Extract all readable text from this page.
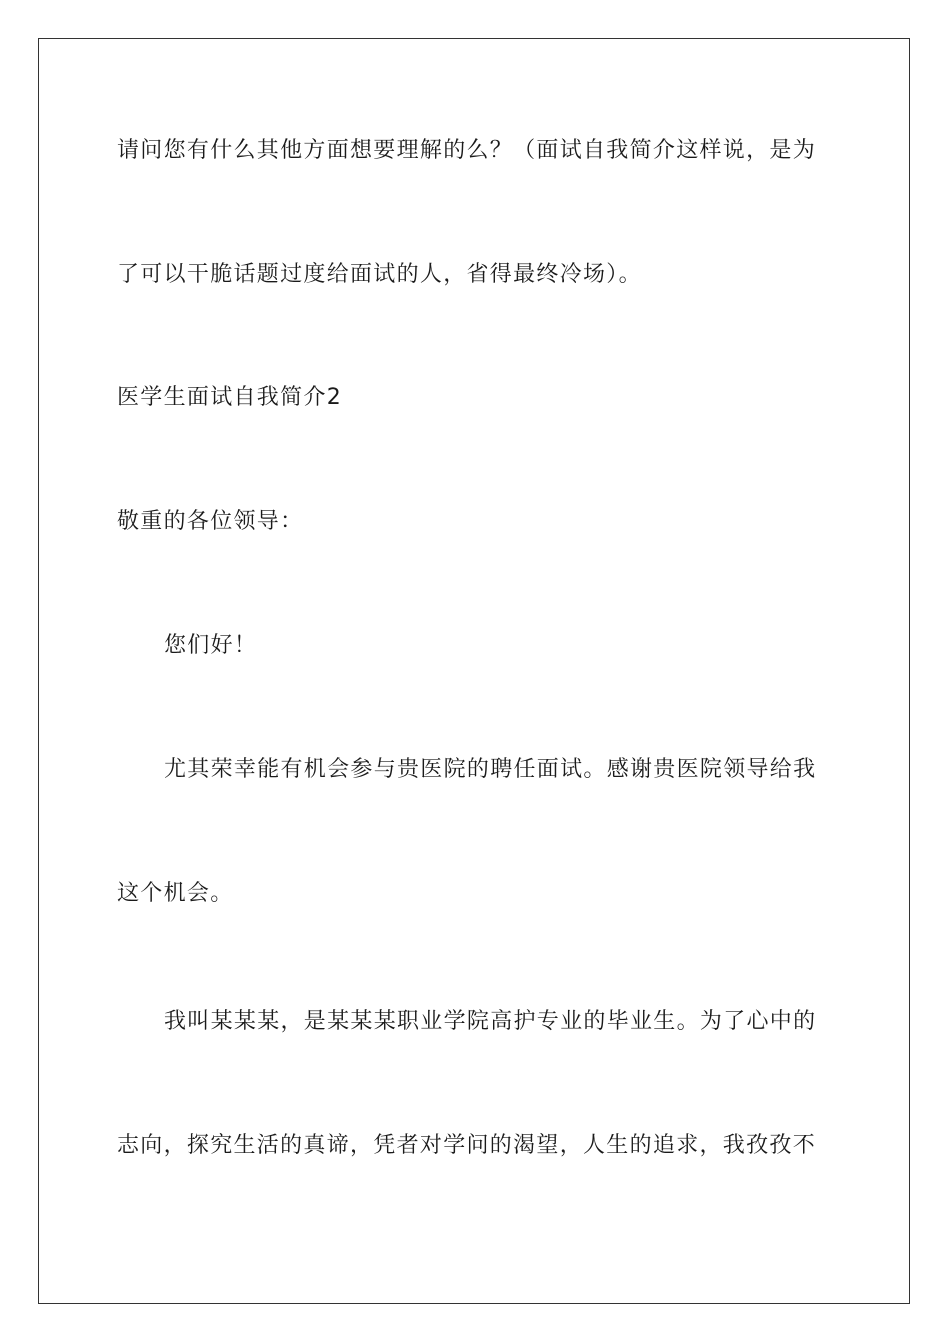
请问您有什么其他方面想要理解的么？（面试自我简介这样说，是为
了可以干脆话题过度给面试的人，省得最终冷场）。
医学生面试自我简介2
敬重的各位领导：
您们好！
尤其荣幸能有机会参与贵医院的聘任面试。感谢贵医院领导给我
这个机会。
我叫某某某，是某某某职业学院高护专业的毕业生。为了心中的
志向，探究生活的真谛，凭者对学问的渴望，人生的追求，我孜孜不
